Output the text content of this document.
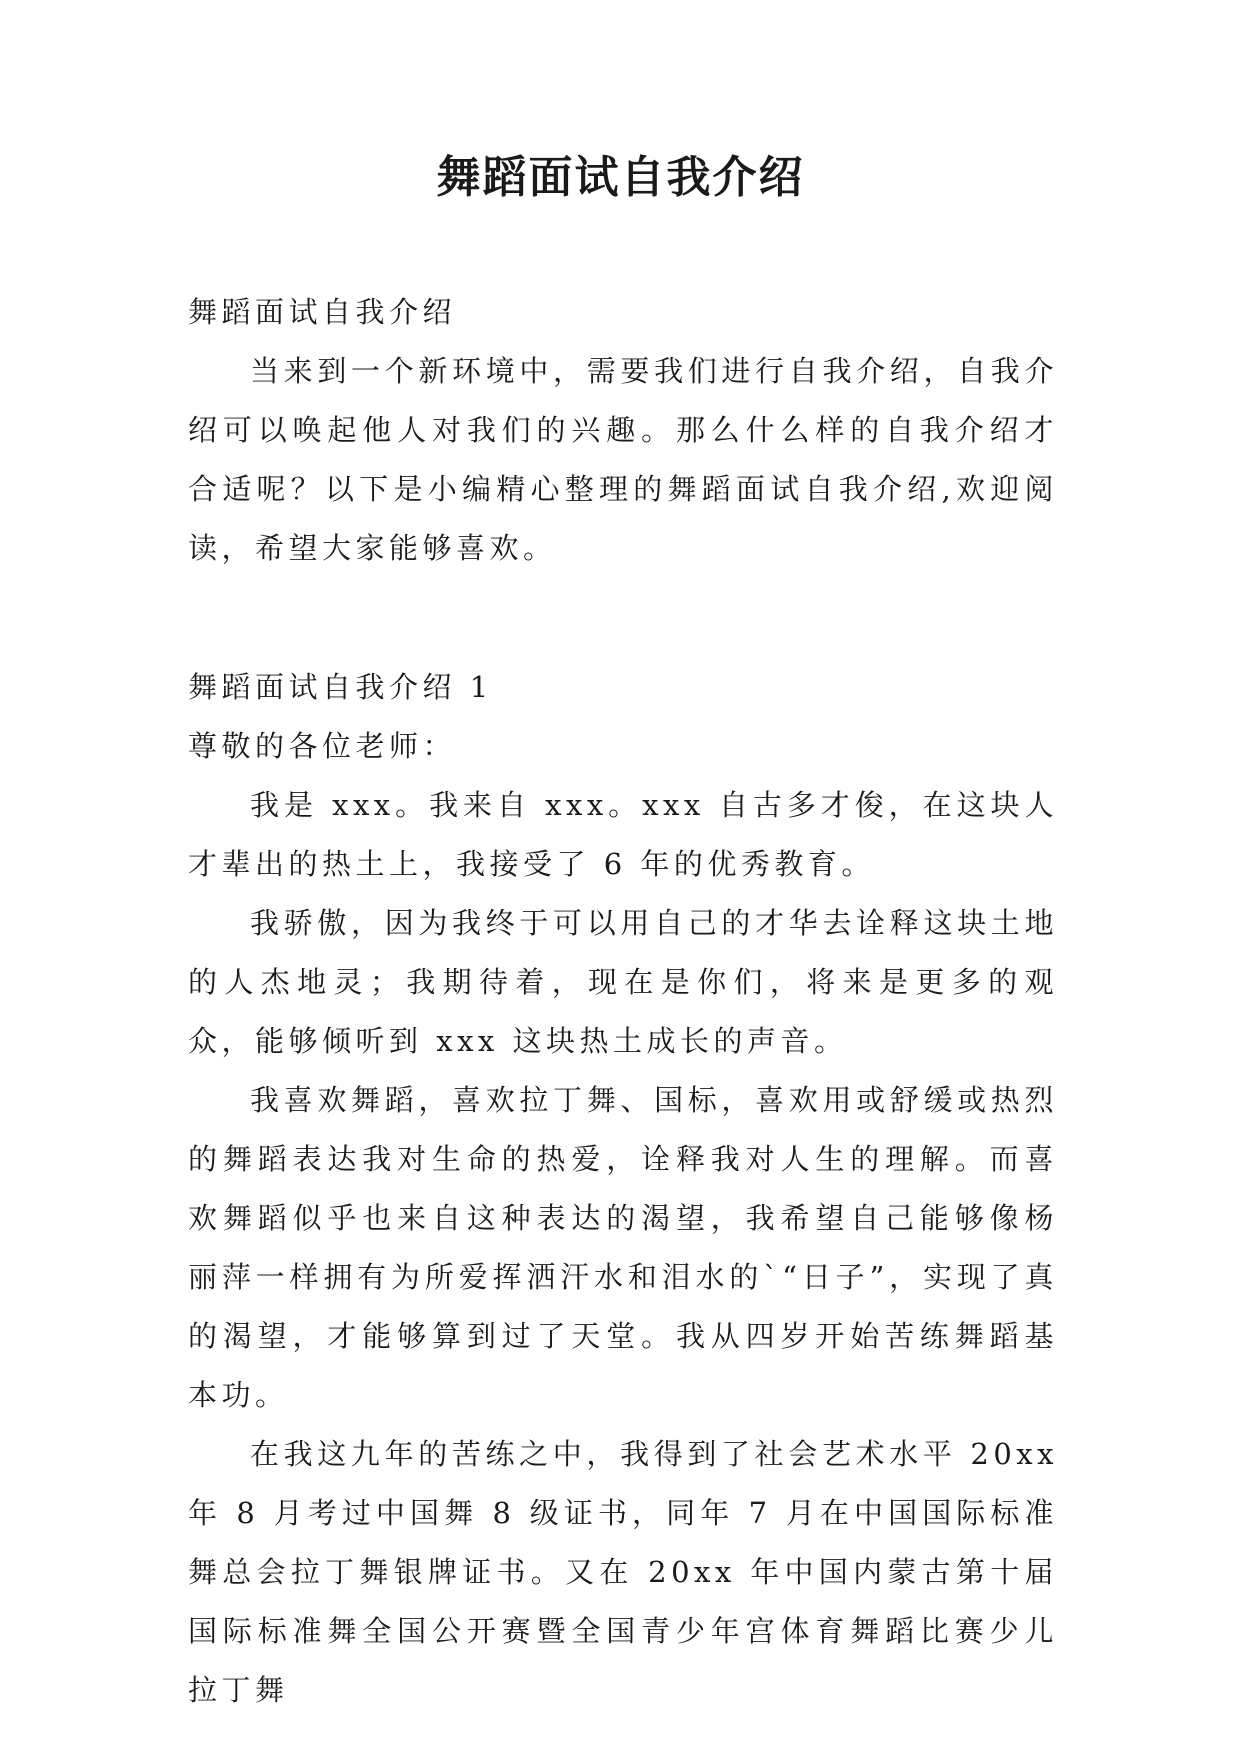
舞蹈面试自我介绍

舞蹈面试自我介绍

当来到一个新环境中，需要我们进行自我介绍，自我介绍可以唤起他人对我们的兴趣。那么什么样的自我介绍才合适呢？以下是小编精心整理的舞蹈面试自我介绍,欢迎阅读，希望大家能够喜欢。

舞蹈面试自我介绍 1

尊敬的各位老师：

我是 xxx。我来自 xxx。xxx 自古多才俊，在这块人才辈出的热土上，我接受了 6 年的优秀教育。

我骄傲，因为我终于可以用自己的才华去诠释这块土地的人杰地灵；我期待着，现在是你们，将来是更多的观众，能够倾听到 xxx 这块热土成长的声音。

我喜欢舞蹈，喜欢拉丁舞、国标，喜欢用或舒缓或热烈的舞蹈表达我对生命的热爱，诠释我对人生的理解。而喜欢舞蹈似乎也来自这种表达的渴望，我希望自己能够像杨丽萍一样拥有为所爱挥洒汗水和泪水的`“日子”，实现了真的渴望，才能够算到过了天堂。我从四岁开始苦练舞蹈基本功。

在我这九年的苦练之中，我得到了社会艺术水平 20xx 年 8 月考过中国舞 8 级证书，同年 7 月在中国国际标准舞总会拉丁舞银牌证书。又在 20xx 年中国内蒙古第十届国际标准舞全国公开赛暨全国青少年宫体育舞蹈比赛少儿拉丁舞
